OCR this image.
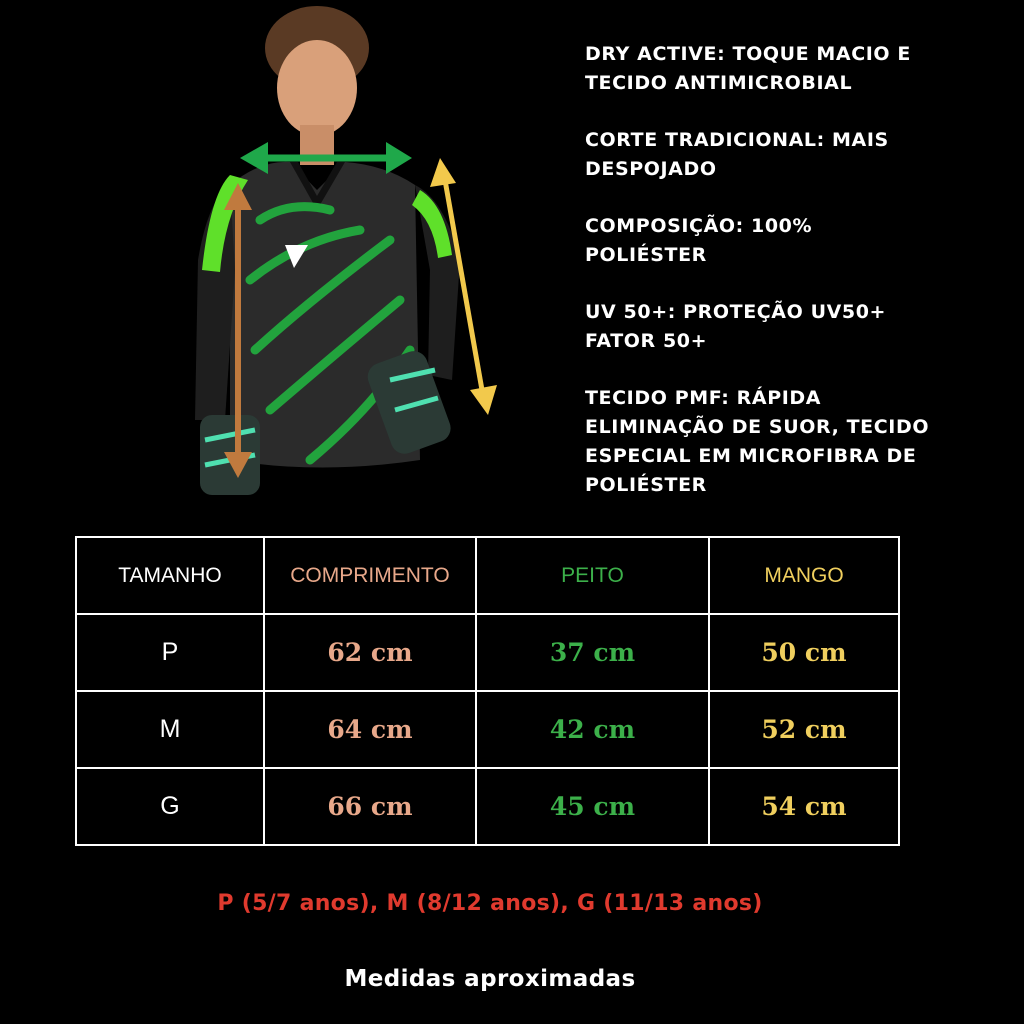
DRY ACTIVE: TOQUE MACIO E
TECIDO ANTIMICROBIAL

CORTE TRADICIONAL: MAIS
DESPOJADO

COMPOSIÇÃO: 100%
POLIÉSTER

UV 50+: PROTEÇÃO UV50+
FATOR 50+

TECIDO PMF: RÁPIDA
ELIMINAÇÃO DE SUOR, TECIDO
ESPECIAL EM MICROFIBRA DE
POLIÉSTER

TAMANHO	COMPRIMENTO	PEITO	MANGO
P	62 cm	37 cm	50 cm
M	64 cm	42 cm	52 cm
G	66 cm	45 cm	54 cm
P (5/7 anos), M (8/12 anos), G (11/13 anos)
Medidas aproximadas
